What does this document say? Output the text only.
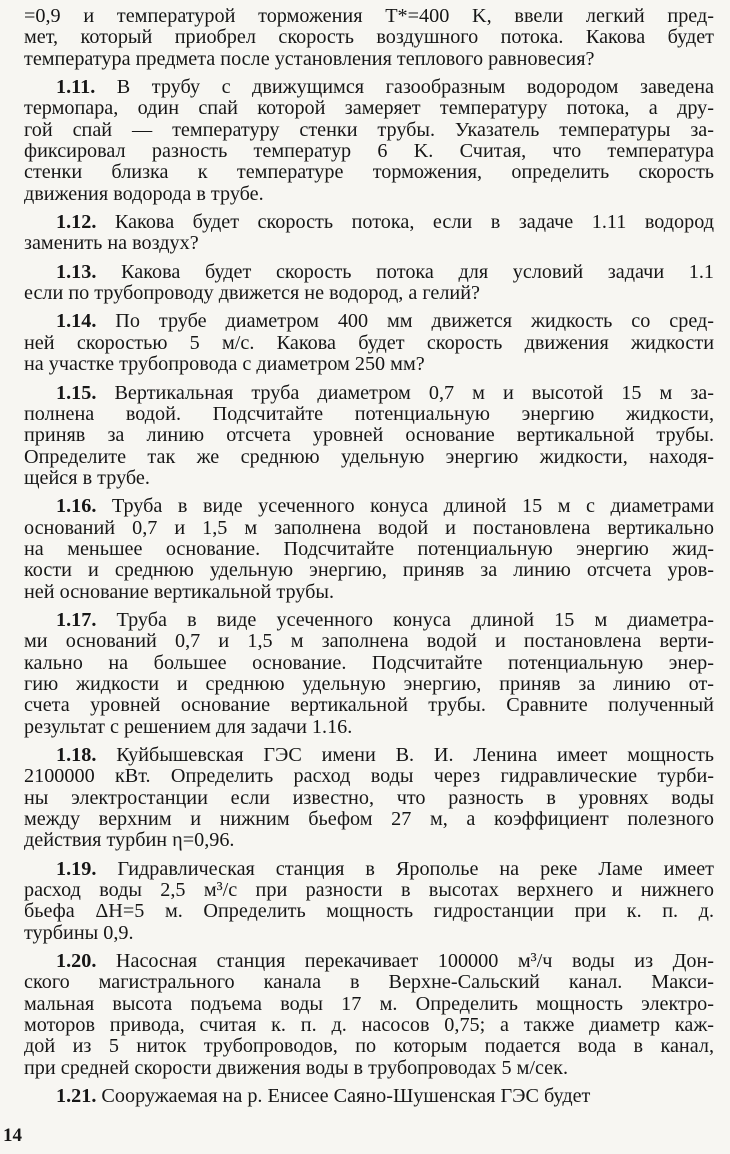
=0,9 и температурой торможения T*=400 K, ввели легкий пред-
мет, который приобрел скорость воздушного потока. Какова будет
температура предмета после установления теплового равновесия?
1.11. В трубу с движущимся газообразным водородом заведена
термопара, один спай которой замеряет температуру потока, а дру-
гой спай — температуру стенки трубы. Указатель температуры за-
фиксировал разность температур 6 K. Считая, что температура
стенки близка к температуре торможения, определить скорость
движения водорода в трубе.
1.12. Какова будет скорость потока, если в задаче 1.11 водород
заменить на воздух?
1.13. Какова будет скорость потока для условий задачи 1.1
если по трубопроводу движется не водород, а гелий?
1.14. По трубе диаметром 400 мм движется жидкость со сред-
ней скоростью 5 м/с. Какова будет скорость движения жидкости
на участке трубопровода с диаметром 250 мм?
1.15. Вертикальная труба диаметром 0,7 м и высотой 15 м за-
полнена водой. Подсчитайте потенциальную энергию жидкости,
приняв за линию отсчета уровней основание вертикальной трубы.
Определите так же среднюю удельную энергию жидкости, находя-
щейся в трубе.
1.16. Труба в виде усеченного конуса длиной 15 м с диаметрами
оснований 0,7 и 1,5 м заполнена водой и постановлена вертикально
на меньшее основание. Подсчитайте потенциальную энергию жид-
кости и среднюю удельную энергию, приняв за линию отсчета уров-
ней основание вертикальной трубы.
1.17. Труба в виде усеченного конуса длиной 15 м диаметра-
ми оснований 0,7 и 1,5 м заполнена водой и постановлена верти-
кально на большее основание. Подсчитайте потенциальную энер-
гию жидкости и среднюю удельную энергию, приняв за линию от-
счета уровней основание вертикальной трубы. Сравните полученный
результат с решением для задачи 1.16.
1.18. Куйбышевская ГЭС имени В. И. Ленина имеет мощность
2100000 кВт. Определить расход воды через гидравлические турби-
ны электростанции если известно, что разность в уровнях воды
между верхним и нижним бьефом 27 м, а коэффициент полезного
действия турбин η=0,96.
1.19. Гидравлическая станция в Ярополье на реке Ламе имеет
расход воды 2,5 м³/с при разности в высотах верхнего и нижнего
бьефа ΔH=5 м. Определить мощность гидростанции при к. п. д.
турбины 0,9.
1.20. Насосная станция перекачивает 100000 м³/ч воды из Дон-
ского магистрального канала в Верхне-Сальский канал. Макси-
мальная высота подъема воды 17 м. Определить мощность электро-
моторов привода, считая к. п. д. насосов 0,75; а также диаметр каж-
дой из 5 ниток трубопроводов, по которым подается вода в канал,
при средней скорости движения воды в трубопроводах 5 м/сек.
1.21. Сооружаемая на р. Енисее Саяно-Шушенская ГЭС будет
14
